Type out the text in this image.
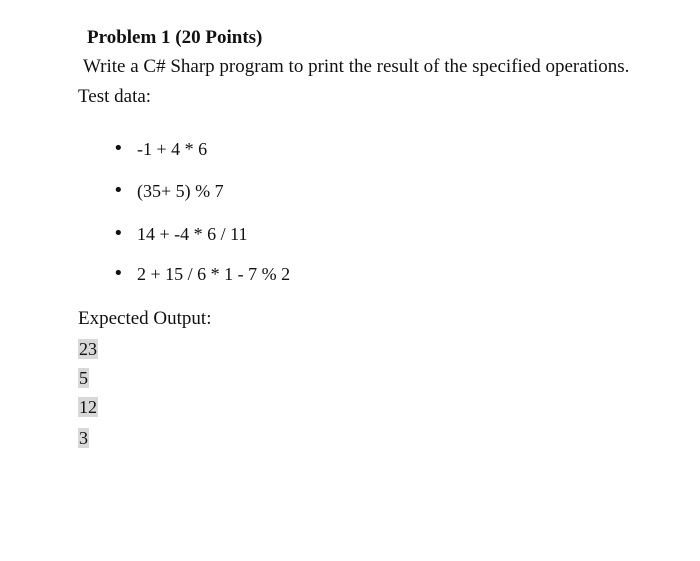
Problem 1 (20 Points)
Write a C# Sharp program to print the result of the specified operations.
Test data:
• -1 + 4 * 6
• (35+ 5) % 7
• 14 + -4 * 6 / 11
• 2 + 15 / 6 * 1 - 7 % 2
Expected Output:
23
5
12
3
